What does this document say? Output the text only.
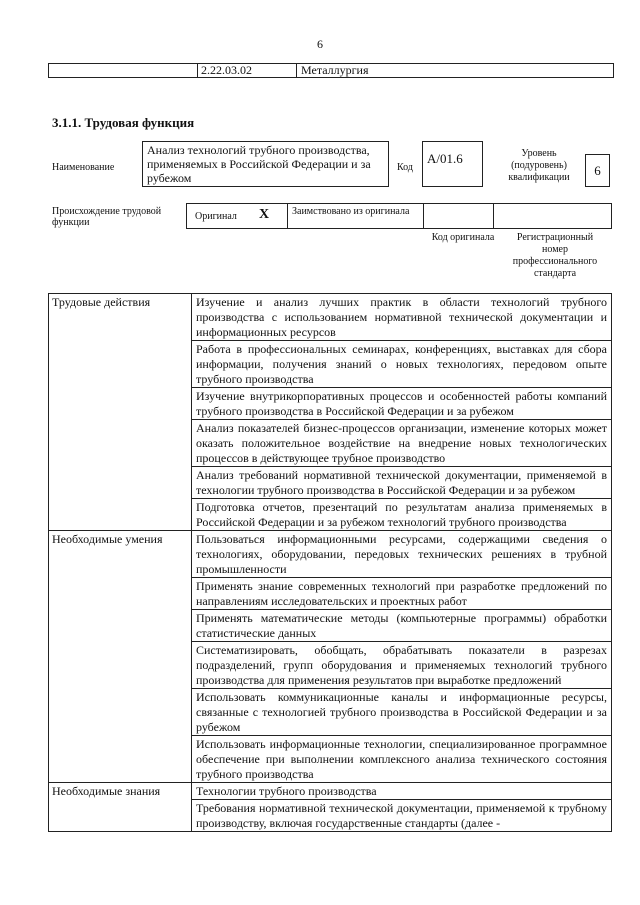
6
2.22.03.02	Металлургия
3.1.1. Трудовая функция
Наименование
Анализ технологий трубного производства, применяемых в Российской Федерации и за рубежом
Код
A/01.6	Уровень (подуровень) квалификации	6
Происхождение трудовой функции
Оригинал X	Заимствовано из оригинала
Код оригинала	Регистрационный номер профессионального стандарта
Трудовые действия	Изучение и анализ лучших практик в области технологий трубного производства с использованием нормативной технической документации и информационных ресурсов
	Работа в профессиональных семинарах, конференциях, выставках для сбора информации, получения знаний о новых технологиях, передовом опыте трубного производства
	Изучение внутрикорпоративных процессов и особенностей работы компаний трубного производства в Российской Федерации и за рубежом
	Анализ показателей бизнес-процессов организации, изменение которых может оказать положительное воздействие на внедрение новых технологических процессов в действующее трубное производство
	Анализ требований нормативной технической документации, применяемой в технологии трубного производства в Российской Федерации и за рубежом
	Подготовка отчетов, презентаций по результатам анализа применяемых в Российской Федерации и за рубежом технологий трубного производства
Необходимые умения	Пользоваться информационными ресурсами, содержащими сведения о технологиях, оборудовании, передовых технических решениях в трубной промышленности
	Применять знание современных технологий при разработке предложений по направлениям исследовательских и проектных работ
	Применять математические методы (компьютерные программы) обработки статистические данных
	Систематизировать, обобщать, обрабатывать показатели в разрезах подразделений, групп оборудования и применяемых технологий трубного производства для применения результатов при выработке предложений
	Использовать коммуникационные каналы и информационные ресурсы, связанные с технологией трубного производства в Российской Федерации и за рубежом
	Использовать информационные технологии, специализированное программное обеспечение при выполнении комплексного анализа технического состояния трубного производства
Необходимые знания	Технологии трубного производства
	Требования нормативной технической документации, применяемой к трубному производству, включая государственные стандарты (далее -
